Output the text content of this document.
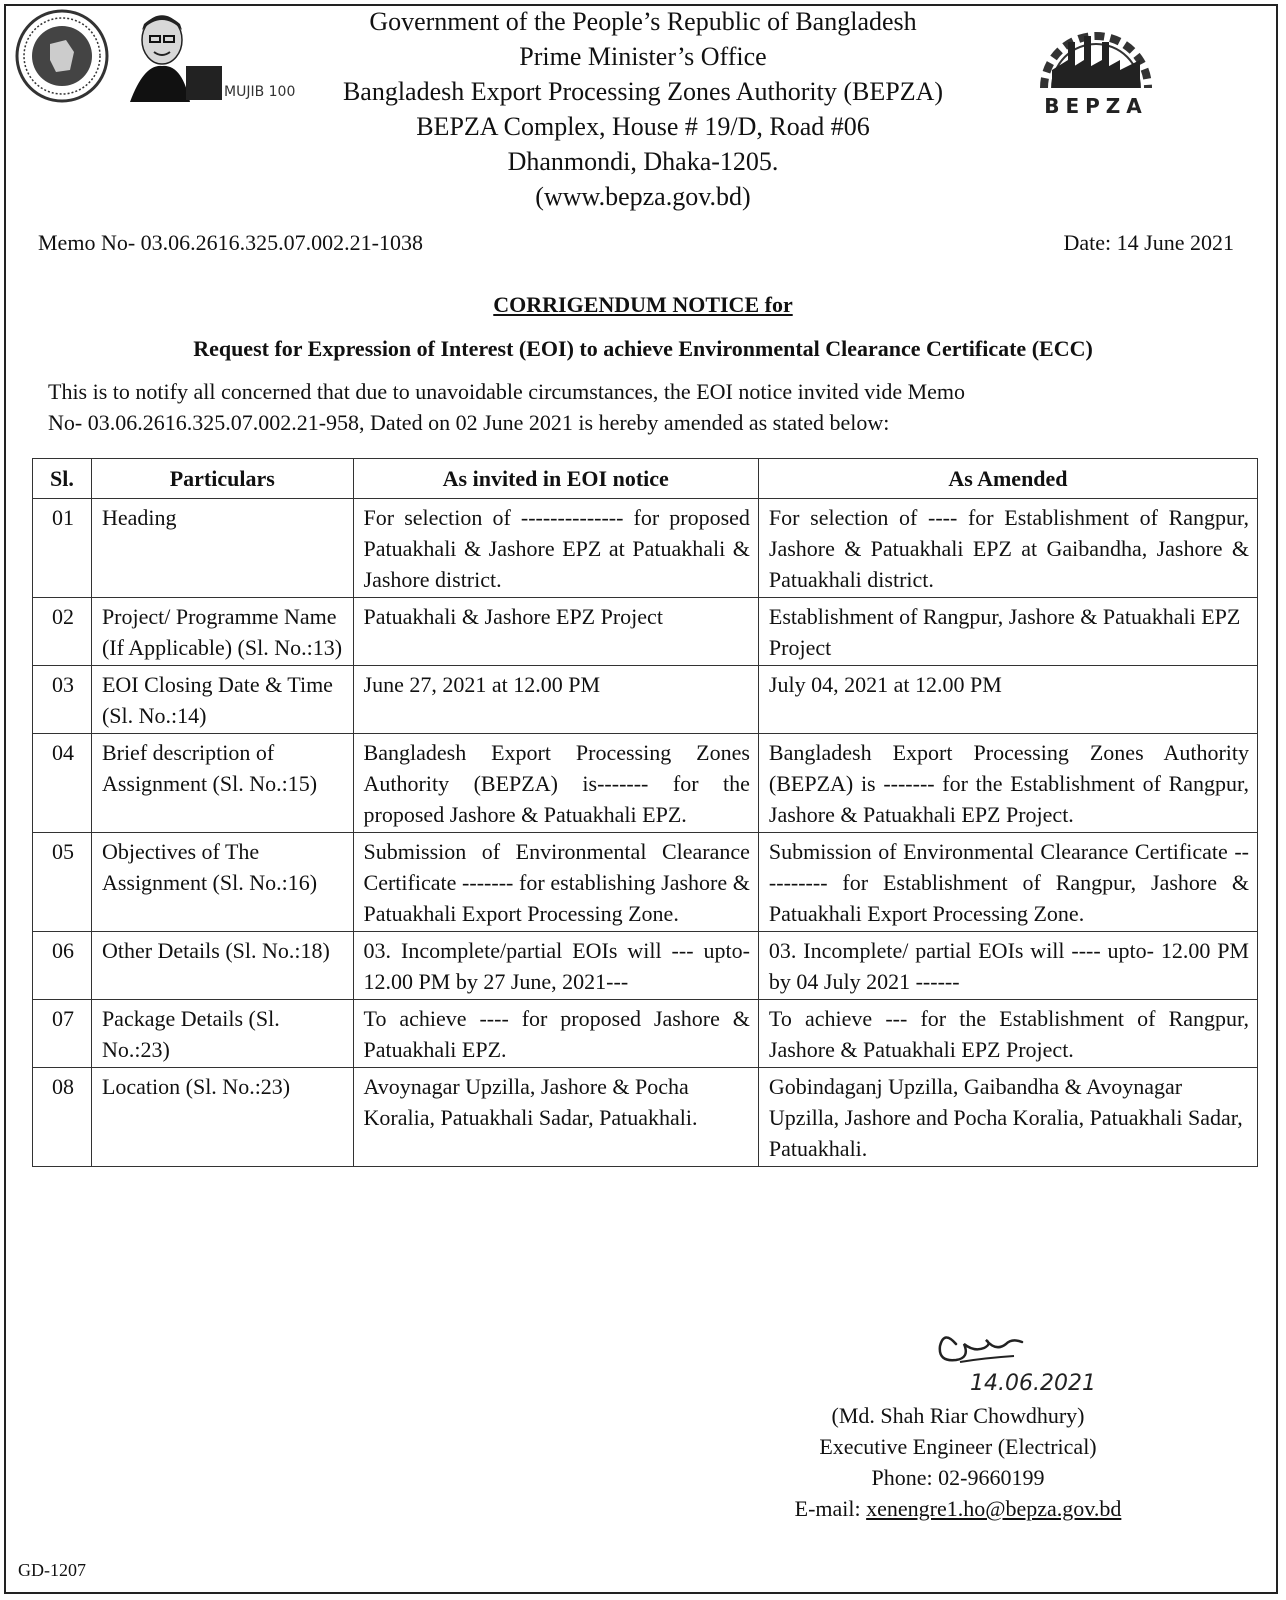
MUJIB 100
BEPZA
Government of the People’s Republic of Bangladesh
Prime Minister’s Office
Bangladesh Export Processing Zones Authority (BEPZA)
BEPZA Complex, House # 19/D, Road #06
Dhanmondi, Dhaka-1205.
(www.bepza.gov.bd)
Memo No- 03.06.2616.325.07.002.21-1038	Date: 14 June 2021
CORRIGENDUM NOTICE for
Request for Expression of Interest (EOI) to achieve Environmental Clearance Certificate (ECC)
This is to notify all concerned that due to unavoidable circumstances, the EOI notice invited vide Memo
No- 03.06.2616.325.07.002.21-958, Dated on 02 June 2021 is hereby amended as stated below:
Sl.	Particulars	As invited in EOI notice	As Amended
01	Heading	For selection of -------------- for proposed Patuakhali & Jashore EPZ at Patuakhali & Jashore district.	For selection of ---- for Establishment of Rangpur, Jashore & Patuakhali EPZ at Gaibandha, Jashore & Patuakhali district.
02	Project/ Programme Name (If Applicable) (Sl. No.:13)	Patuakhali & Jashore EPZ Project	Establishment of Rangpur, Jashore & Patuakhali EPZ Project
03	EOI Closing Date & Time (Sl. No.:14)	June 27, 2021 at 12.00 PM	July 04, 2021 at 12.00 PM
04	Brief description of Assignment (Sl. No.:15)	Bangladesh Export Processing Zones Authority (BEPZA) is------- for the proposed Jashore & Patuakhali EPZ.	Bangladesh Export Processing Zones Authority (BEPZA) is ------- for the Establishment of Rangpur, Jashore & Patuakhali EPZ Project.
05	Objectives of The Assignment (Sl. No.:16)	Submission of Environmental Clearance Certificate ------- for establishing Jashore & Patuakhali Export Processing Zone.	Submission of Environmental Clearance Certificate ---------- for Establishment of Rangpur, Jashore & Patuakhali Export Processing Zone.
06	Other Details (Sl. No.:18)	03. Incomplete/partial EOIs will --- upto-12.00 PM by 27 June, 2021---	03. Incomplete/ partial EOIs will ---- upto- 12.00 PM by 04 July 2021 ------
07	Package Details (Sl. No.:23)	To achieve ---- for proposed Jashore & Patuakhali EPZ.	To achieve --- for the Establishment of Rangpur, Jashore & Patuakhali EPZ Project.
08	Location (Sl. No.:23)	Avoynagar Upzilla, Jashore & Pocha Koralia, Patuakhali Sadar, Patuakhali.	Gobindaganj Upzilla, Gaibandha & Avoynagar Upzilla, Jashore and Pocha Koralia, Patuakhali Sadar, Patuakhali.
14.06.2021
(Md. Shah Riar Chowdhury)
Executive Engineer (Electrical)
Phone: 02-9660199
E-mail: xenengre1.ho@bepza.gov.bd
GD-1207
